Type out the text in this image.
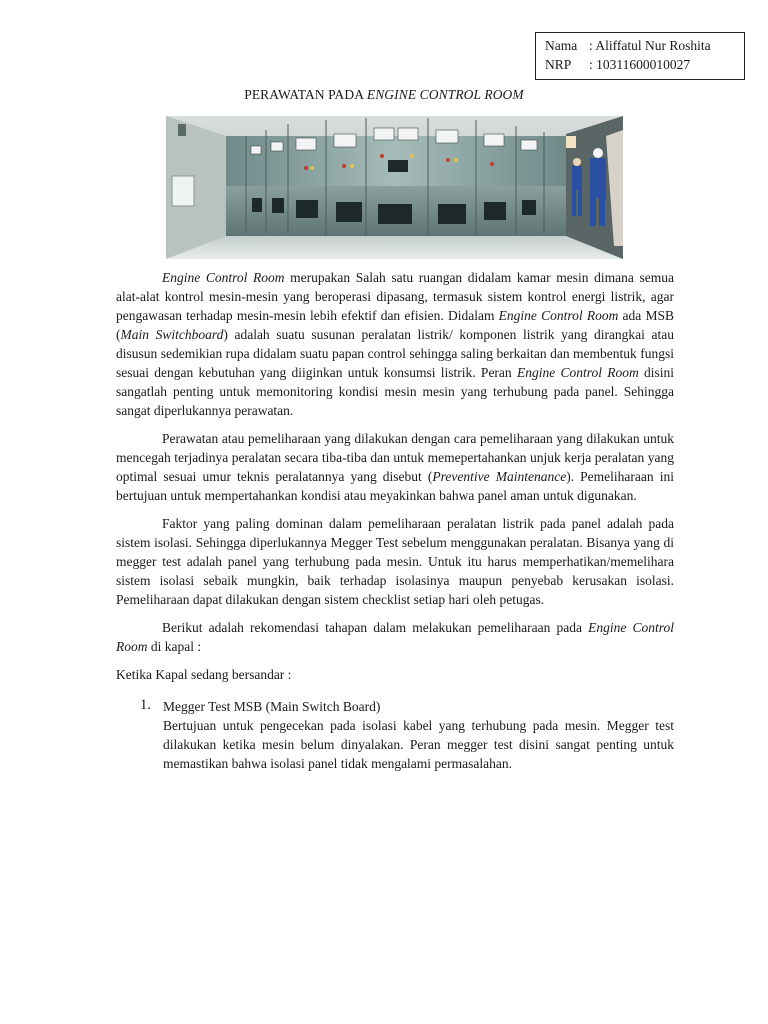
Nama : Aliffatul Nur Roshita
NRP : 10311600010027
PERAWATAN PADA ENGINE CONTROL ROOM

Engine Control Room merupakan Salah satu ruangan didalam kamar mesin dimana semua alat-alat kontrol mesin-mesin yang beroperasi dipasang, termasuk sistem kontrol energi listrik, agar pengawasan terhadap mesin-mesin lebih efektif dan efisien. Didalam Engine Control Room ada MSB (Main Switchboard) adalah suatu susunan peralatan listrik/ komponen listrik yang dirangkai atau disusun sedemikian rupa didalam suatu papan control sehingga saling berkaitan dan membentuk fungsi sesuai dengan kebutuhan yang diiginkan untuk konsumsi listrik. Peran Engine Control Room disini sangatlah penting untuk memonitoring kondisi mesin mesin yang terhubung pada panel. Sehingga sangat diperlukannya perawatan.

Perawatan atau pemeliharaan yang dilakukan dengan cara pemeliharaan yang dilakukan untuk mencegah terjadinya peralatan secara tiba-tiba dan untuk memepertahankan unjuk kerja peralatan yang optimal sesuai umur teknis peralatannya yang disebut (Preventive Maintenance). Pemeliharaan ini bertujuan untuk mempertahankan kondisi atau meyakinkan bahwa panel aman untuk digunakan.

Faktor yang paling dominan dalam pemeliharaan peralatan listrik pada panel adalah pada sistem isolasi. Sehingga diperlukannya Megger Test sebelum menggunakan peralatan. Bisanya yang di megger test adalah panel yang terhubung pada mesin. Untuk itu harus memperhatikan/memelihara sistem isolasi sebaik mungkin, baik terhadap isolasinya maupun penyebab kerusakan isolasi. Pemeliharaan dapat dilakukan dengan sistem checklist setiap hari oleh petugas.

Berikut adalah rekomendasi tahapan dalam melakukan pemeliharaan pada Engine Control Room di kapal :

Ketika Kapal sedang bersandar :

1. Megger Test MSB (Main Switch Board)

Bertujuan untuk pengecekan pada isolasi kabel yang terhubung pada mesin. Megger test dilakukan ketika mesin belum dinyalakan. Peran megger test disini sangat penting untuk memastikan bahwa isolasi panel tidak mengalami permasalahan.
